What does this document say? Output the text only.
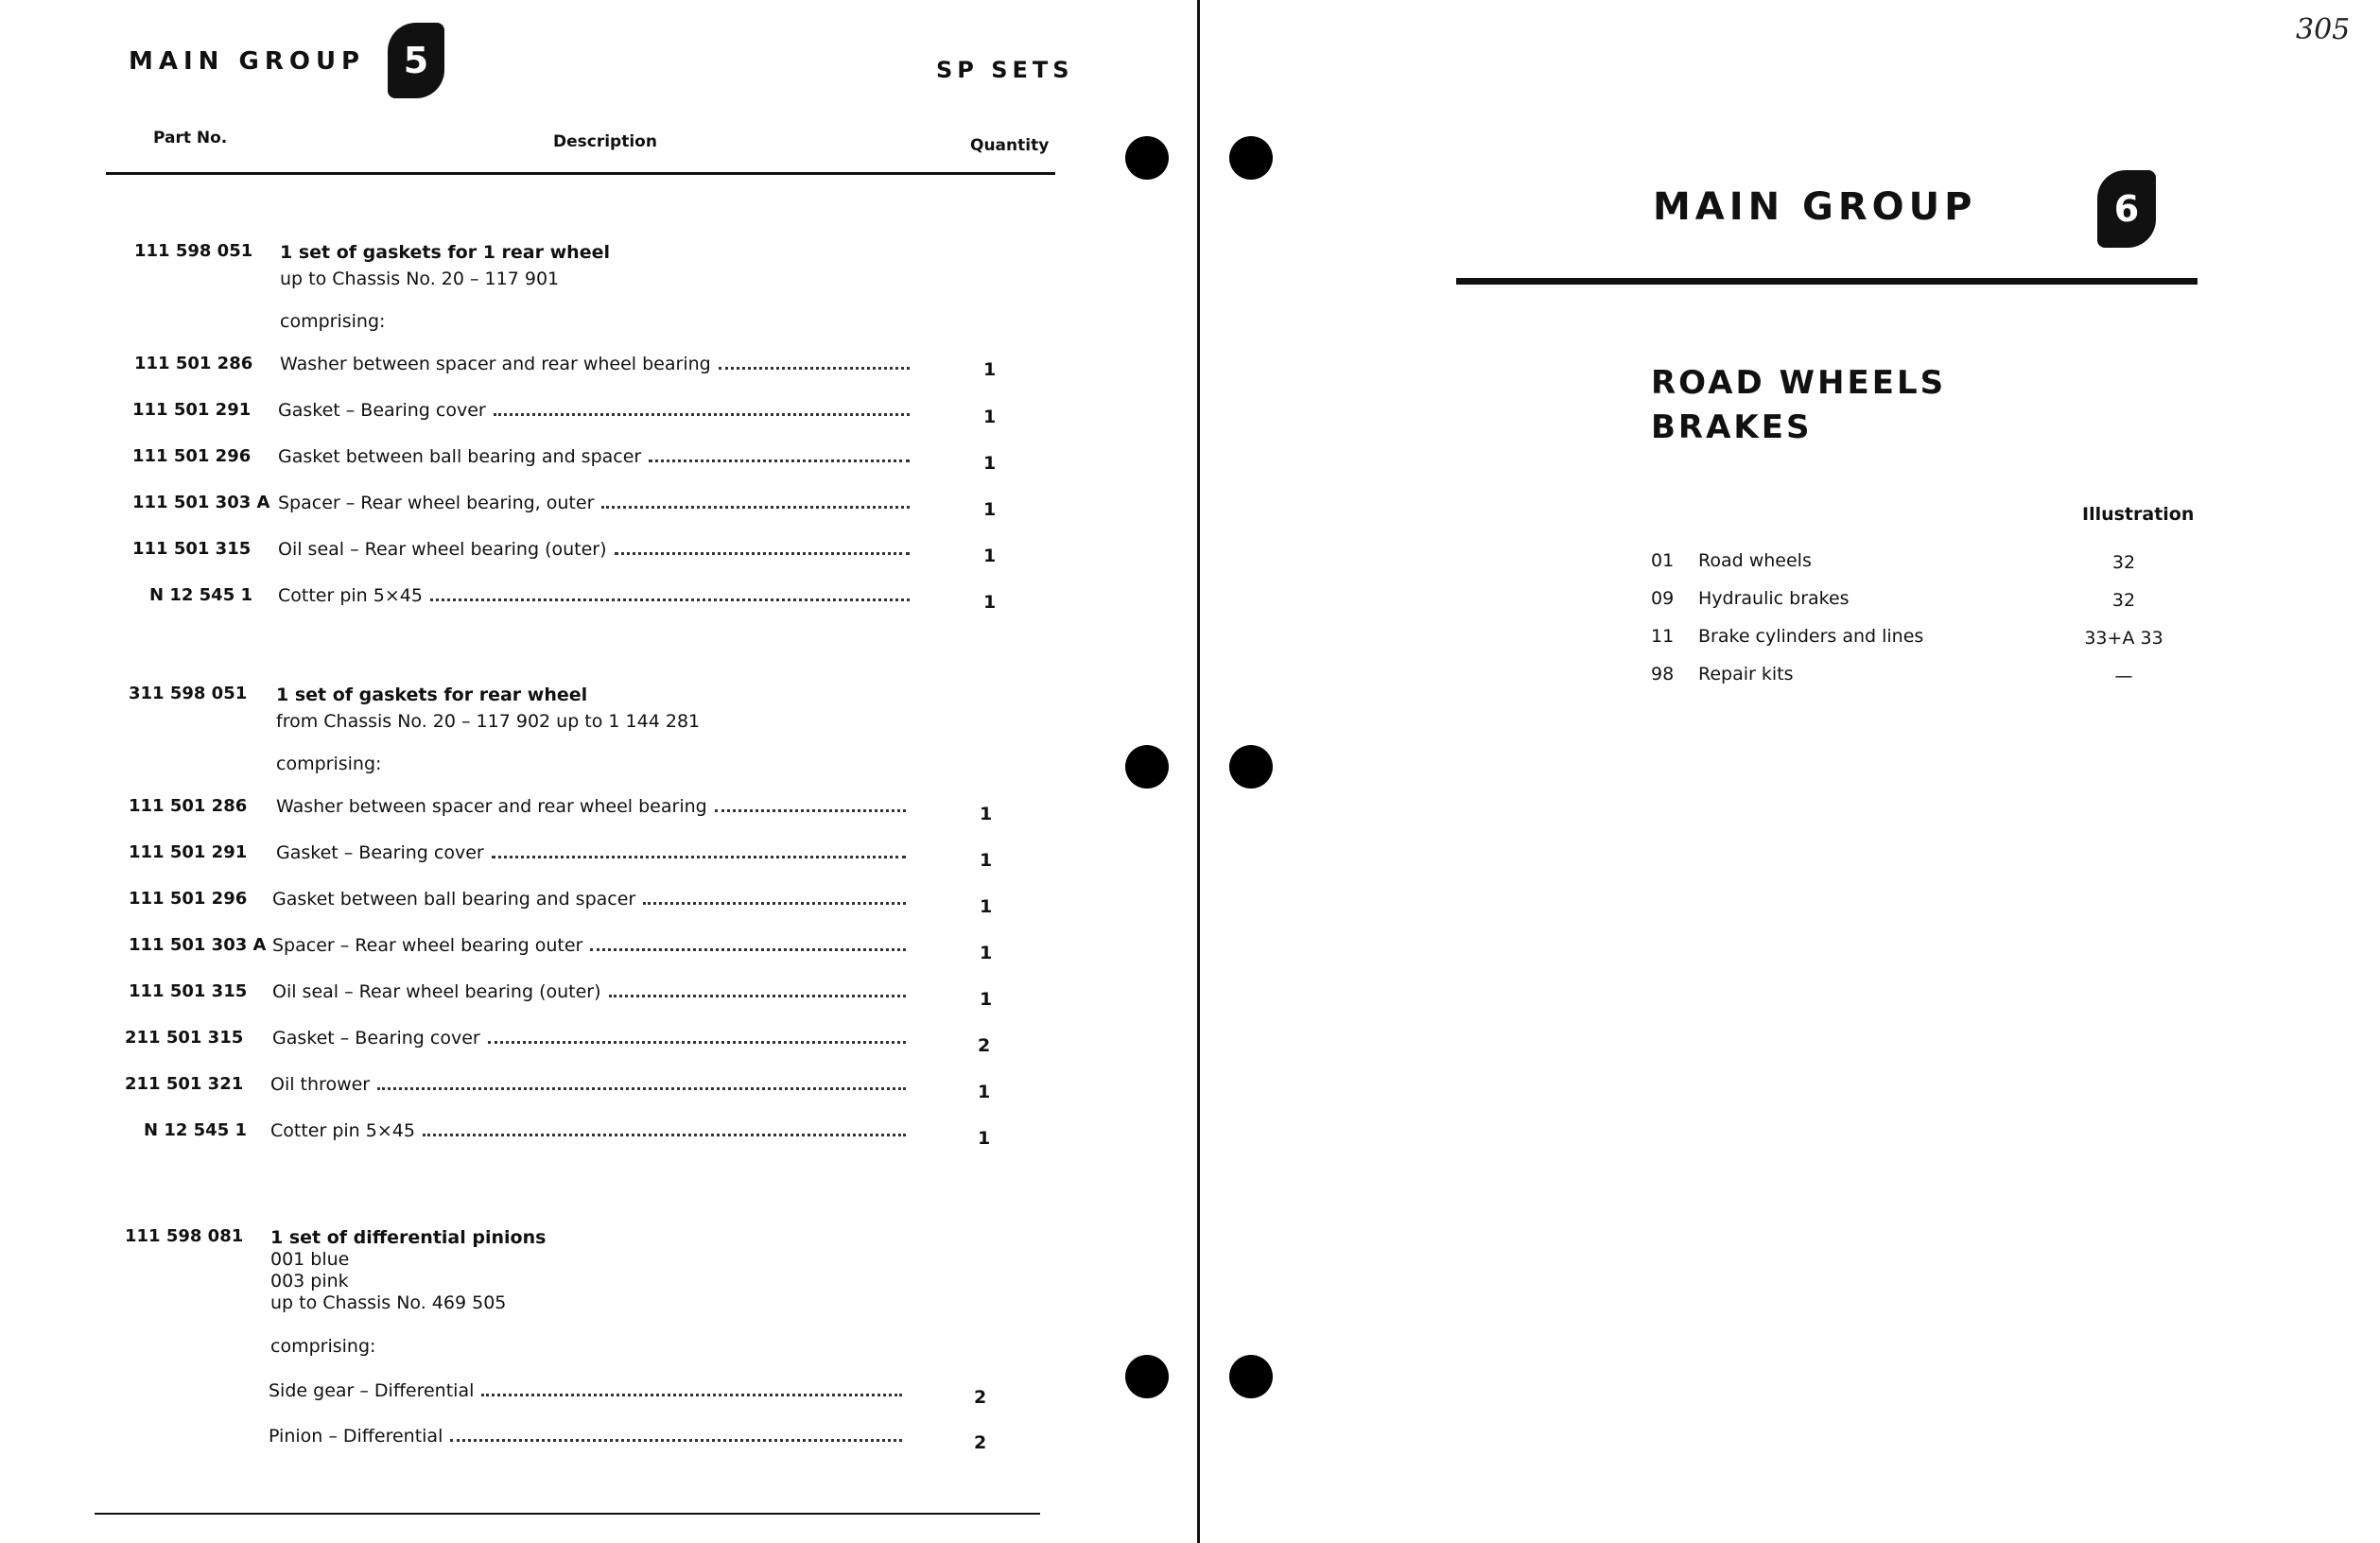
MAIN GROUP 5	SP SETS
Part No.	Description	Quantity
111 598 051 1 set of gaskets for 1 rear wheel
up to Chassis No. 20 – 117 901
comprising:
111 501 286 Washer between spacer and rear wheel bearing	1
111 501 291 Gasket – Bearing cover	1
111 501 296 Gasket between ball bearing and spacer	1
111 501 303 A Spacer – Rear wheel bearing, outer	1
111 501 315 Oil seal – Rear wheel bearing (outer)	1
N 12 545 1 Cotter pin 5×45	1
311 598 051 1 set of gaskets for rear wheel
from Chassis No. 20 – 117 902 up to 1 144 281
comprising:
111 501 286 Washer between spacer and rear wheel bearing	1
111 501 291 Gasket – Bearing cover	1
111 501 296 Gasket between ball bearing and spacer	1
111 501 303 A Spacer – Rear wheel bearing outer	1
111 501 315 Oil seal – Rear wheel bearing (outer)	1
211 501 315 Gasket – Bearing cover	2
211 501 321 Oil thrower	1
N 12 545 1 Cotter pin 5×45	1
111 598 081 1 set of differential pinions
001 blue
003 pink
up to Chassis No. 469 505
comprising:
Side gear – Differential	2
Pinion – Differential	2
305
MAIN GROUP	6
ROAD WHEELS
BRAKES
Illustration
01 Road wheels	32
09 Hydraulic brakes	32
11 Brake cylinders and lines	33+A 33
98 Repair kits	—
